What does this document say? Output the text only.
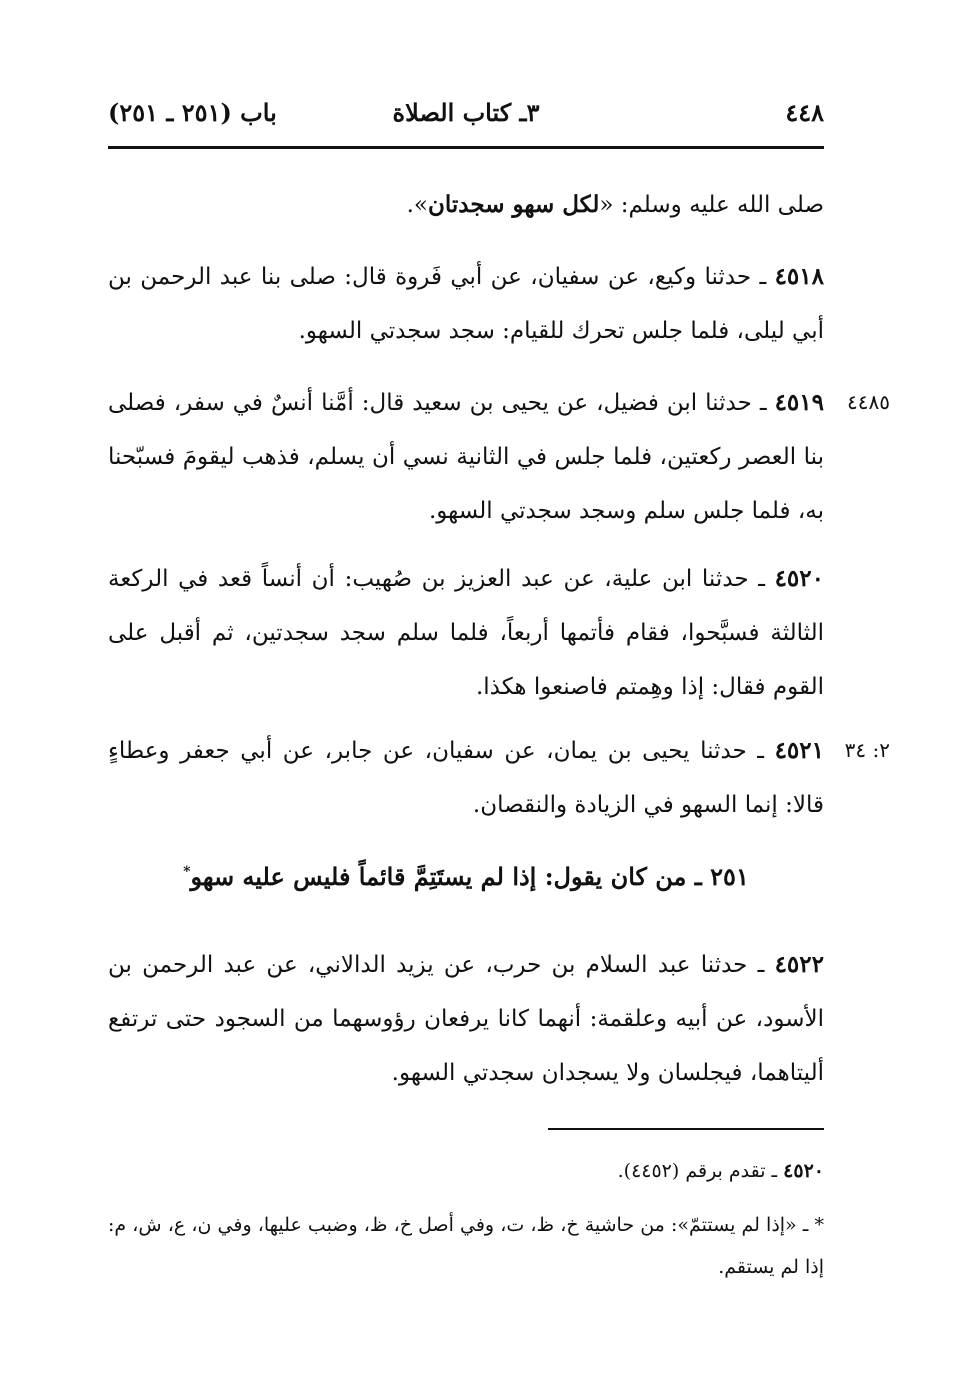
٤٤٨
٣ـ كتاب الصلاة
باب (٢٥١ ـ ٢٥١)
صلى الله عليه وسلم: «لكل سهو سجدتان».
٤٥١٨ ـ حدثنا وكيع، عن سفيان، عن أبي فَروة قال: صلى بنا عبد الرحمن بن أبي ليلى، فلما جلس تحرك للقيام: سجد سجدتي السهو.
٤٤٨٥
٤٥١٩ ـ حدثنا ابن فضيل، عن يحيى بن سعيد قال: أمَّنا أنسٌ في سفر، فصلى بنا العصر ركعتين، فلما جلس في الثانية نسي أن يسلم، فذهب ليقومَ فسبّحنا به، فلما جلس سلم وسجد سجدتي السهو.
٤٥٢٠ ـ حدثنا ابن علية، عن عبد العزيز بن صُهيب: أن أنساً قعد في الركعة الثالثة فسبَّحوا، فقام فأتمها أربعاً، فلما سلم سجد سجدتين، ثم أقبل على القوم فقال: إذا وهِمتم فاصنعوا هكذا.
٢: ٣٤
٤٥٢١ ـ حدثنا يحيى بن يمان، عن سفيان، عن جابر، عن أبي جعفر وعطاءٍ قالا: إنما السهو في الزيادة والنقصان.
٢٥١ ـ من كان يقول: إذا لم يستَتِمَّ قائماً فليس عليه سهو*
٤٥٢٢ ـ حدثنا عبد السلام بن حرب، عن يزيد الدالاني، عن عبد الرحمن بن الأسود، عن أبيه وعلقمة: أنهما كانا يرفعان رؤوسهما من السجود حتى ترتفع أليتاهما، فيجلسان ولا يسجدان سجدتي السهو.
٤٥٢٠ ـ تقدم برقم (٤٤٥٢).
* ـ «إذا لم يستتمّ»: من حاشية خ، ظ، ت، وفي أصل خ، ظ، وضبب عليها، وفي ن، ع، ش، م: إذا لم يستقم.
